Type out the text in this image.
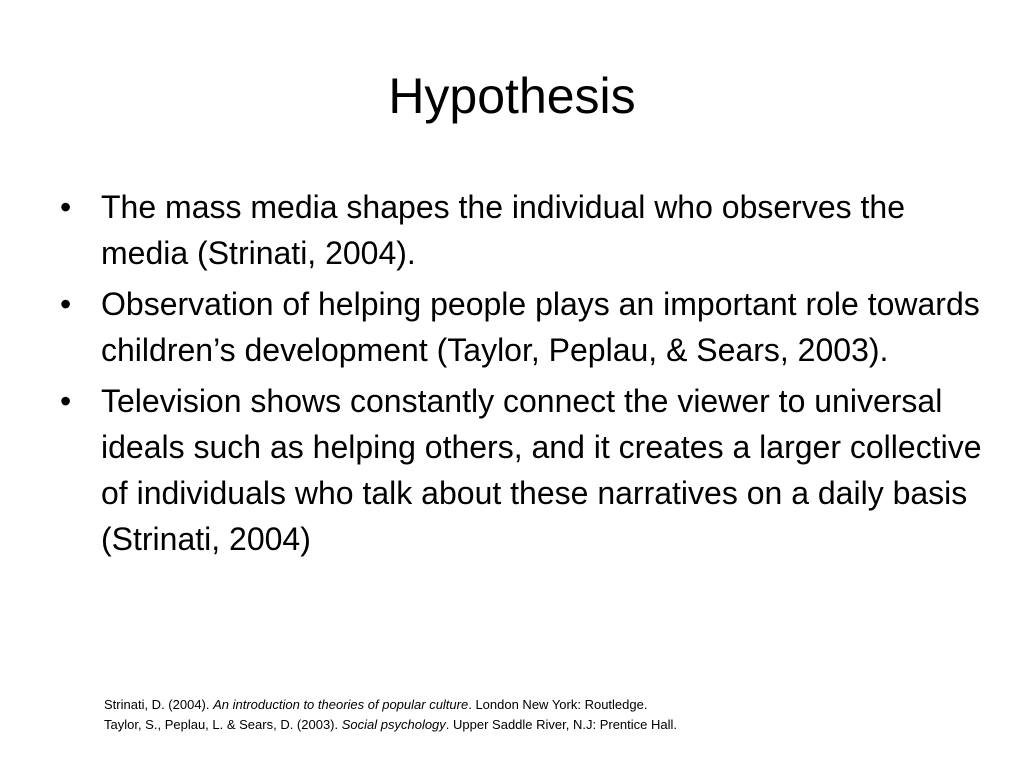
Hypothesis
• The mass media shapes the individual who observes the media (Strinati, 2004).
• Observation of helping people plays an important role towards children’s development (Taylor, Peplau, & Sears, 2003).
• Television shows constantly connect the viewer to universal ideals such as helping others, and it creates a larger collective of individuals who talk about these narratives on a daily basis (Strinati, 2004)
Strinati, D. (2004). An introduction to theories of popular culture. London New York: Routledge.
Taylor, S., Peplau, L. & Sears, D. (2003). Social psychology. Upper Saddle River, N.J: Prentice Hall.
